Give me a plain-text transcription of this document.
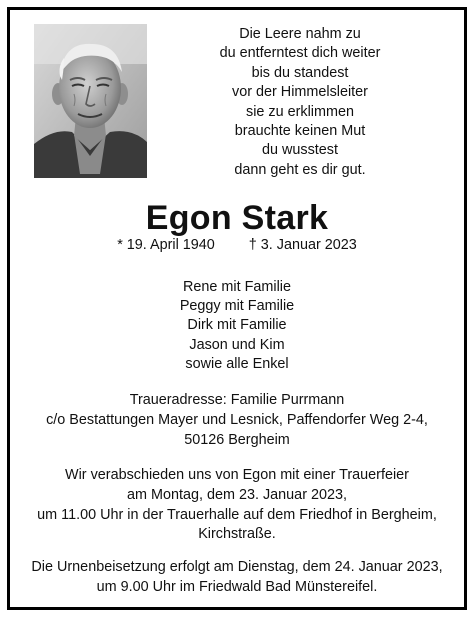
Die Leere nahm zu
du entferntest dich weiter
bis du standest
vor der Himmelsleiter
sie zu erklimmen
brauchte keinen Mut
du wusstest
dann geht es dir gut.
Egon Stark
* 19. April 1940 † 3. Januar 2023
Rene mit Familie
Peggy mit Familie
Dirk mit Familie
Jason und Kim
sowie alle Enkel
Traueradresse: Familie Purrmann
c/o Bestattungen Mayer und Lesnick, Paffendorfer Weg 2-4,
50126 Bergheim
Wir verabschieden uns von Egon mit einer Trauerfeier
am Montag, dem 23. Januar 2023,
um 11.00 Uhr in der Trauerhalle auf dem Friedhof in Bergheim,
Kirchstraße.
Die Urnenbeisetzung erfolgt am Dienstag, dem 24. Januar 2023,
um 9.00 Uhr im Friedwald Bad Münstereifel.
